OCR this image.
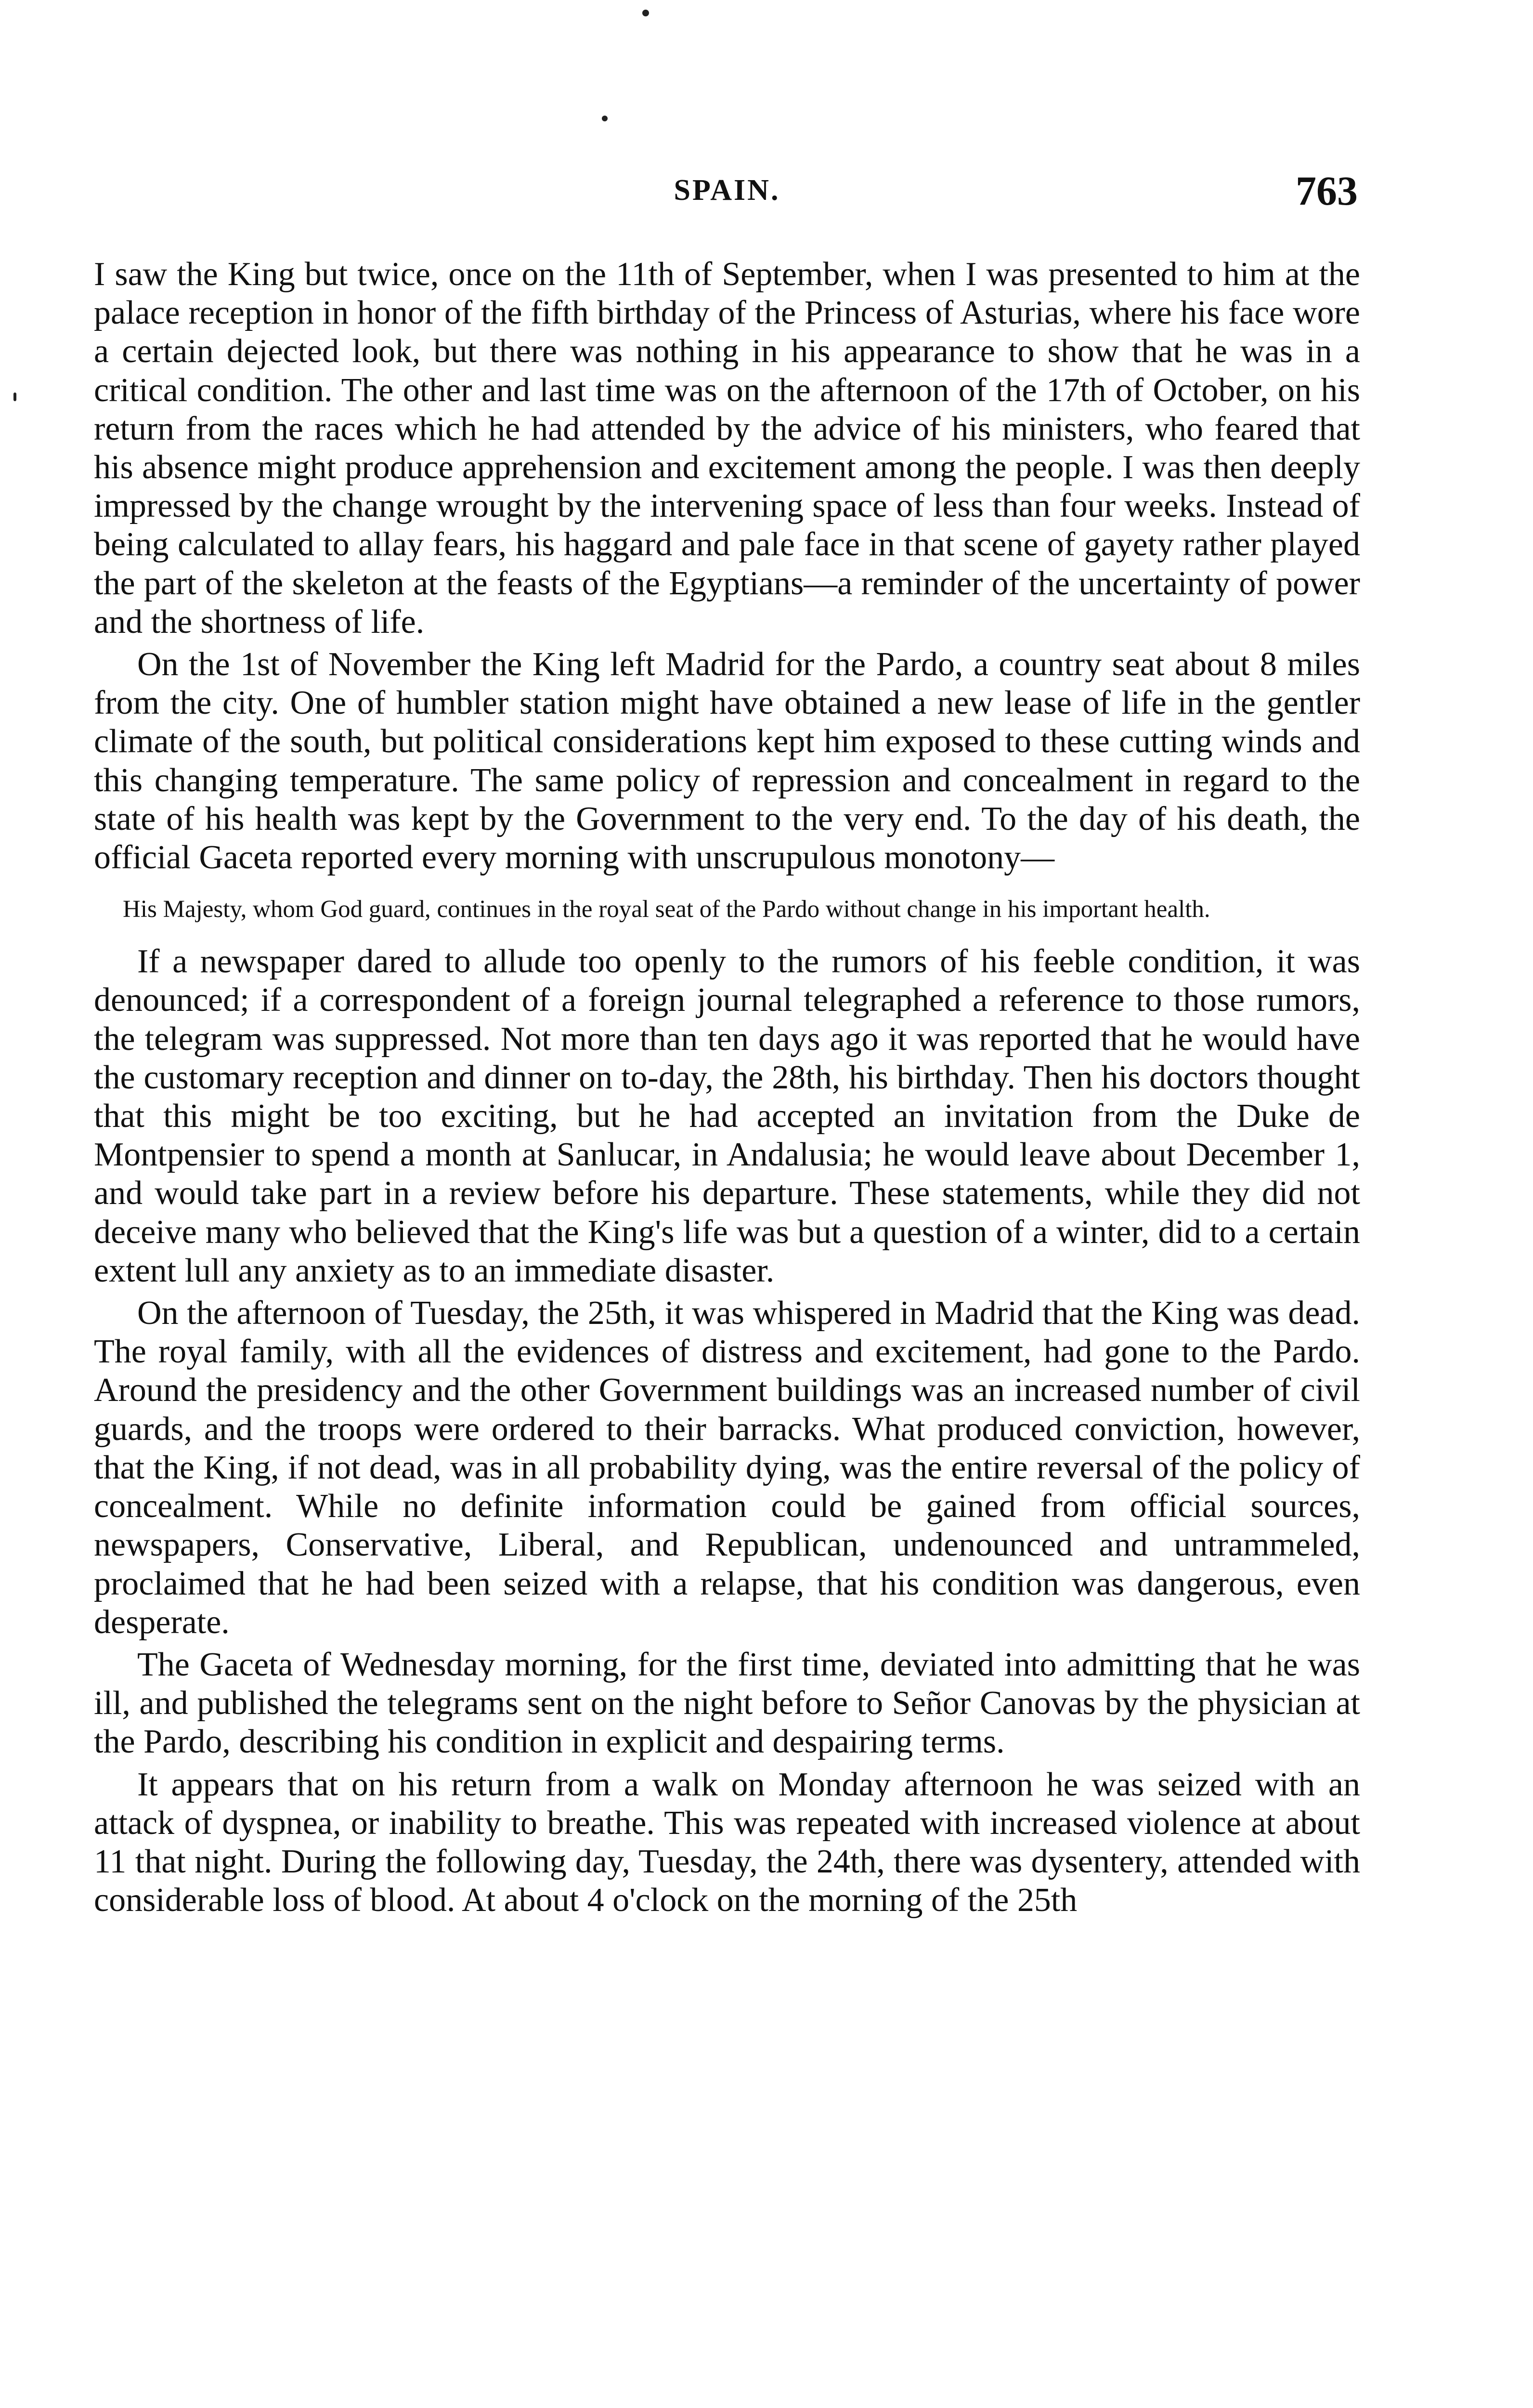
SPAIN.	763

I saw the King but twice, once on the 11th of September, when I was presented to him at the palace reception in honor of the fifth birthday of the Princess of Asturias, where his face wore a certain dejected look, but there was nothing in his appearance to show that he was in a critical condition. The other and last time was on the afternoon of the 17th of October, on his return from the races which he had attended by the advice of his ministers, who feared that his absence might produce apprehension and excitement among the people. I was then deeply impressed by the change wrought by the intervening space of less than four weeks. Instead of being calculated to allay fears, his haggard and pale face in that scene of gayety rather played the part of the skeleton at the feasts of the Egyptians—a reminder of the uncertainty of power and the shortness of life.

On the 1st of November the King left Madrid for the Pardo, a country seat about 8 miles from the city. One of humbler station might have obtained a new lease of life in the gentler climate of the south, but political considerations kept him exposed to these cutting winds and this changing temperature. The same policy of repression and concealment in regard to the state of his health was kept by the Government to the very end. To the day of his death, the official Gaceta reported every morning with unscrupulous monotony—

His Majesty, whom God guard, continues in the royal seat of the Pardo without change in his important health.

If a newspaper dared to allude too openly to the rumors of his feeble condition, it was denounced; if a correspondent of a foreign journal telegraphed a reference to those rumors, the telegram was suppressed. Not more than ten days ago it was reported that he would have the customary reception and dinner on to-day, the 28th, his birthday. Then his doctors thought that this might be too exciting, but he had accepted an invitation from the Duke de Montpensier to spend a month at Sanlucar, in Andalusia; he would leave about December 1, and would take part in a review before his departure. These statements, while they did not deceive many who believed that the King's life was but a question of a winter, did to a certain extent lull any anxiety as to an immediate disaster.

On the afternoon of Tuesday, the 25th, it was whispered in Madrid that the King was dead. The royal family, with all the evidences of distress and excitement, had gone to the Pardo. Around the presidency and the other Government buildings was an increased number of civil guards, and the troops were ordered to their barracks. What produced conviction, however, that the King, if not dead, was in all probability dying, was the entire reversal of the policy of concealment. While no definite information could be gained from official sources, newspapers, Conservative, Liberal, and Republican, undenounced and untrammeled, proclaimed that he had been seized with a relapse, that his condition was dangerous, even desperate.

The Gaceta of Wednesday morning, for the first time, deviated into admitting that he was ill, and published the telegrams sent on the night before to Señor Canovas by the physician at the Pardo, describing his condition in explicit and despairing terms.

It appears that on his return from a walk on Monday afternoon he was seized with an attack of dyspnea, or inability to breathe. This was repeated with increased violence at about 11 that night. During the following day, Tuesday, the 24th, there was dysentery, attended with considerable loss of blood. At about 4 o'clock on the morning of the 25th
